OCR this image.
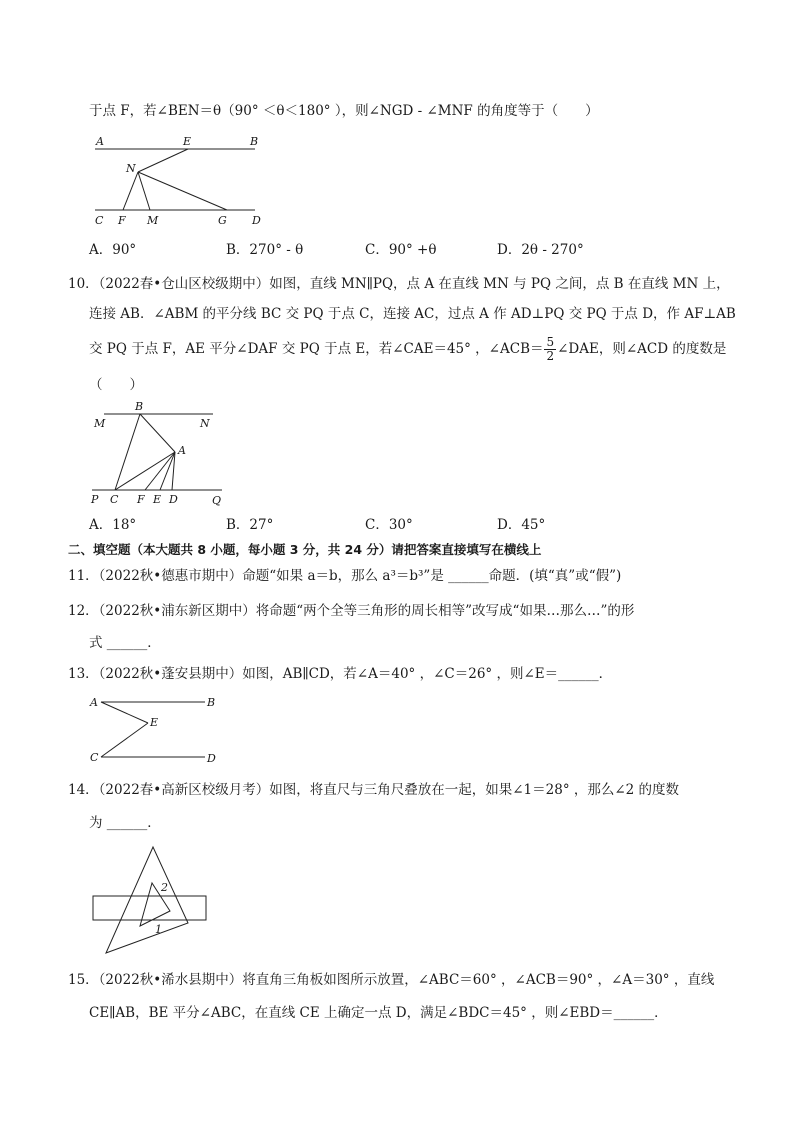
于点 F，若∠BEN＝θ（90° ＜θ＜180° ），则∠NGD - ∠MNF 的角度等于（　　）
A	E	B
N
C F M	G D
A．90°	B．270° - θ	C．90° +θ	D．2θ - 270°
10．（2022春•仓山区校级期中）如图，直线 MN∥PQ，点 A 在直线 MN 与 PQ 之间，点 B 在直线 MN 上，
连接 AB．∠ABM 的平分线 BC 交 PQ 于点 C，连接 AC，过点 A 作 AD⊥PQ 交 PQ 于点 D，作 AF⊥AB
交 PQ 于点 F，AE 平分∠DAF 交 PQ 于点 E，若∠CAE＝45° ，∠ACB＝ $\frac{5}{2}$ ∠DAE，则∠ACD 的度数是
（　　）
B
M	N
A
P C F E D	Q
A．18°	B．27°	C．30°	D．45°
二、填空题（本大题共 8 小题，每小题 3 分，共 24 分）请把答案直接填写在横线上
11．（2022秋•德惠市期中）命题“如果 a＝b，那么 a³＝b³”是 ______命题．(填“真”或“假”)
12．（2022秋•浦东新区期中）将命题“两个全等三角形的周长相等”改写成“如果…那么…”的形
式 ______．
13．（2022秋•蓬安县期中）如图，AB∥CD，若∠A＝40° ，∠C＝26° ，则∠E＝______．
A	B
E
C	D
14．（2022春•高新区校级月考）如图，将直尺与三角尺叠放在一起，如果∠1＝28° ，那么∠2 的度数
为 ______．
2
1
15．（2022秋•浠水县期中）将直角三角板如图所示放置，∠ABC＝60° ，∠ACB＝90° ，∠A＝30° ，直线
CE∥AB，BE 平分∠ABC，在直线 CE 上确定一点 D，满足∠BDC＝45° ，则∠EBD＝______．
